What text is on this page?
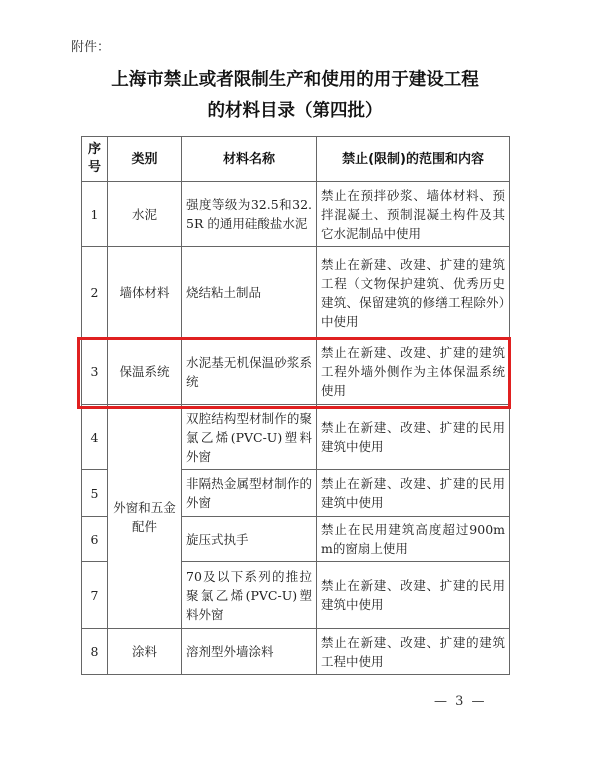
附件：
上海市禁止或者限制生产和使用的用于建设工程
的材料目录（第四批）
序号	类别	材料名称	禁止(限制)的范围和内容
1	水泥	强度等级为32.5和32.5R 的通用硅酸盐水泥	禁止在预拌砂浆、墙体材料、预拌混凝土、预制混凝土构件及其它水泥制品中使用
2	墙体材料	烧结粘土制品	禁止在新建、改建、扩建的建筑工程（文物保护建筑、优秀历史建筑、保留建筑的修缮工程除外）中使用
3	保温系统	水泥基无机保温砂浆系统	禁止在新建、改建、扩建的建筑工程外墙外侧作为主体保温系统使用
4	外窗和五金配件	双腔结构型材制作的聚氯乙烯(PVC-U)塑料外窗	禁止在新建、改建、扩建的民用建筑中使用
5		非隔热金属型材制作的外窗	禁止在新建、改建、扩建的民用建筑中使用
6		旋压式执手	禁止在民用建筑高度超过900mm的窗扇上使用
7		70及以下系列的推拉聚氯乙烯(PVC-U)塑料外窗	禁止在新建、改建、扩建的民用建筑中使用
8	涂料	溶剂型外墙涂料	禁止在新建、改建、扩建的建筑工程中使用
— 3 —
